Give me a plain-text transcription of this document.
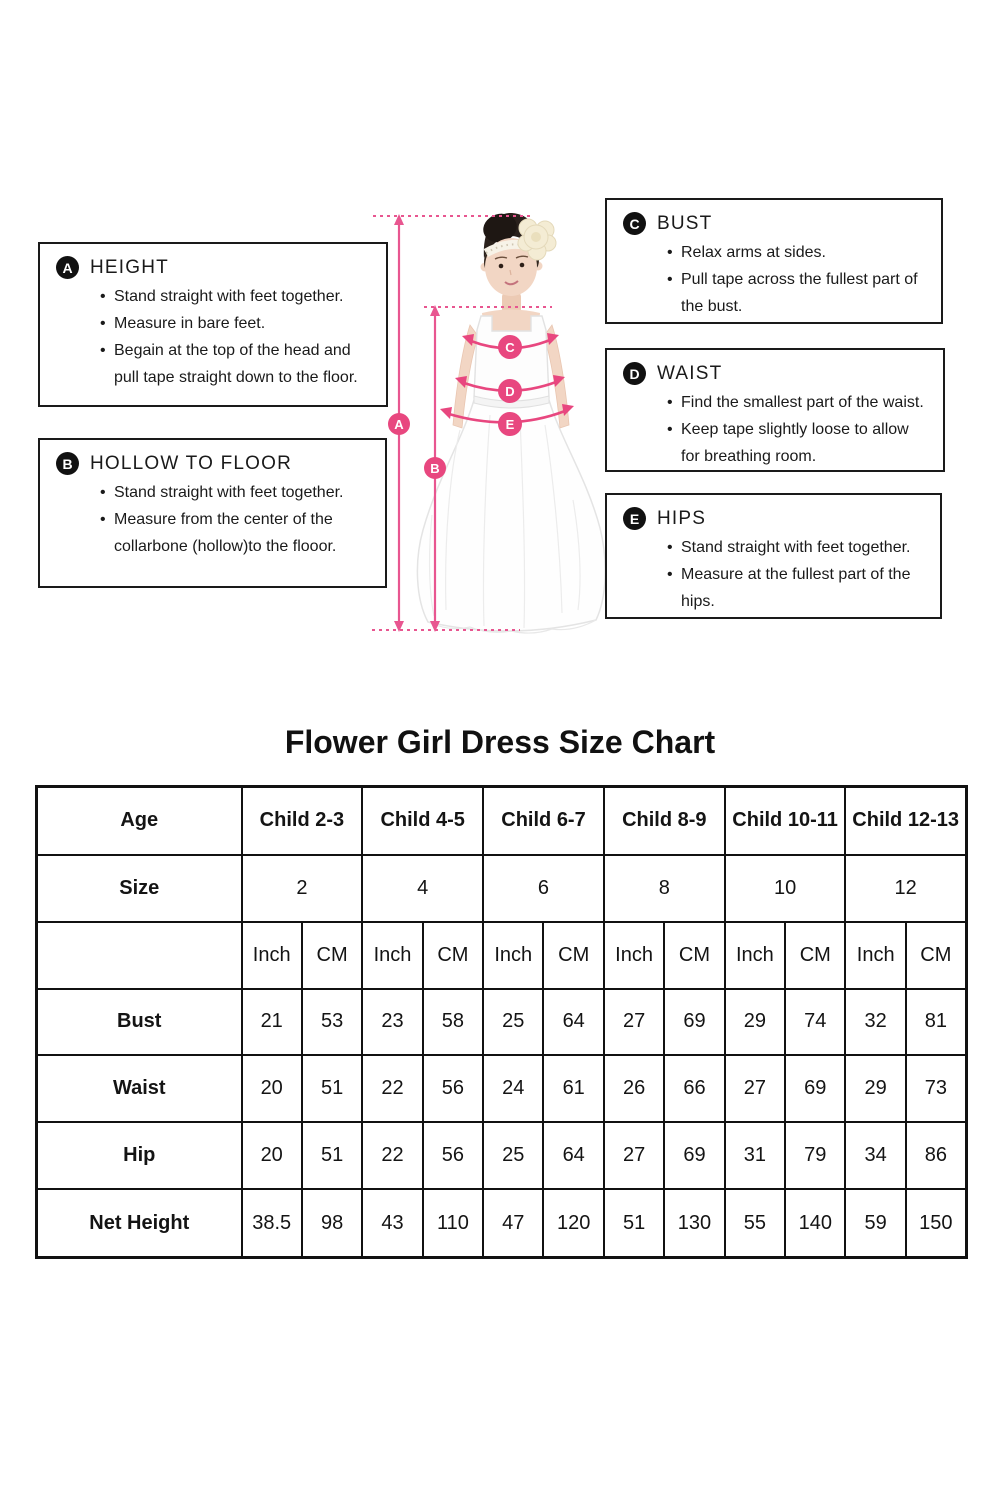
A
B
C
D
E
A HEIGHT
• Stand straight with feet together.
• Measure in bare feet.
• Begain at the top of the head and pull tape straight down to the floor.
B HOLLOW TO FLOOR
• Stand straight with feet together.
• Measure from the center of the collarbone (hollow)to the flooor.
C BUST
• Relax arms at sides.
• Pull tape across the fullest part of the bust.
D WAIST
• Find the smallest part of the waist.
• Keep tape slightly loose to allow for breathing room.
E HIPS
• Stand straight with feet together.
• Measure at the fullest part of the hips.
Flower Girl Dress Size Chart
Age	Child 2-3		Child 4-5		Child 6-7		Child 8-9		Child 10-11		Child 12-13	
Size	2		4		6		8		10		12	
	Inch	CM	Inch	CM	Inch	CM	Inch	CM	Inch	CM	Inch	CM
Bust	21	53	23	58	25	64	27	69	29	74	32	81
Waist	20	51	22	56	24	61	26	66	27	69	29	73
Hip	20	51	22	56	25	64	27	69	31	79	34	86
Net Height	38.5	98	43	110	47	120	51	130	55	140	59	150
